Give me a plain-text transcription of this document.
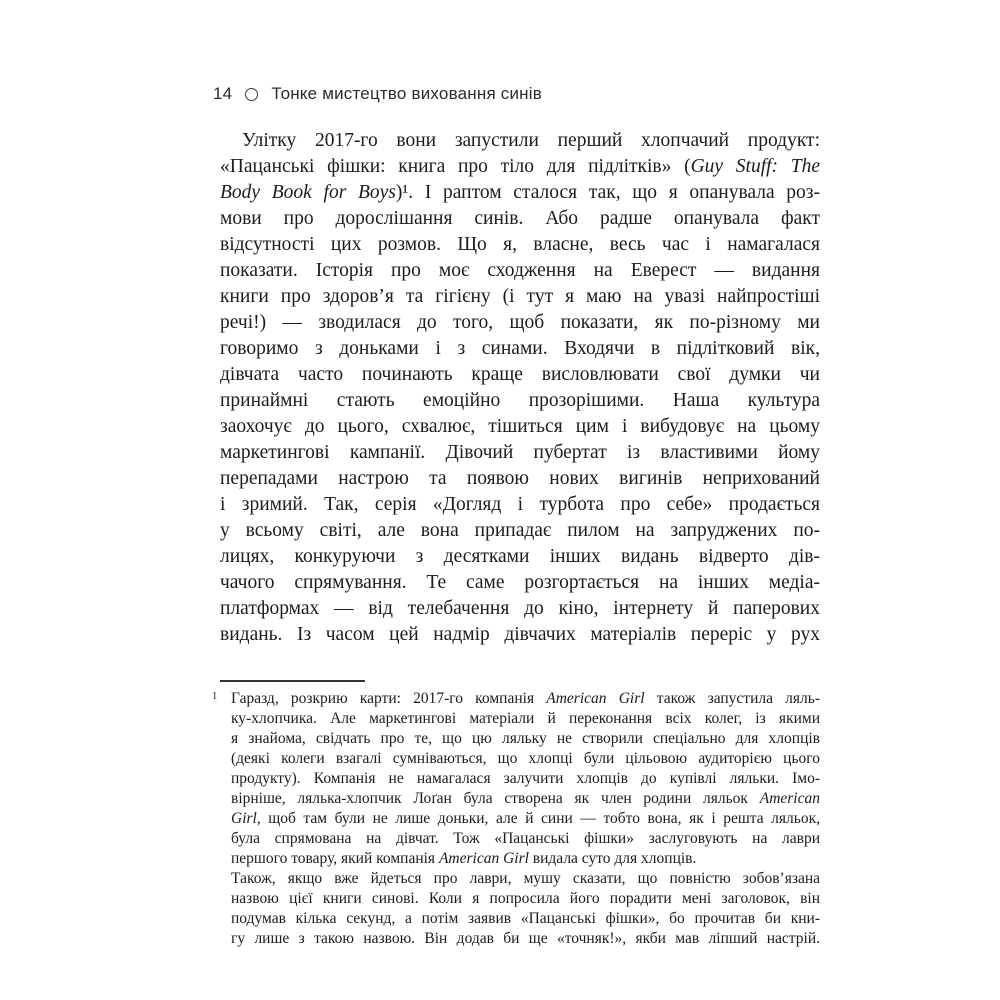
14 Тонке мистецтво виховання синів
Улітку 2017-го вони запустили перший хлопчачий продукт:
«Пацанські фішки: книга про тіло для підлітків» (Guy Stuff: The
Body Book for Boys)¹. І раптом сталося так, що я опанувала роз-
мови про дорослішання синів. Або радше опанувала факт
відсутності цих розмов. Що я, власне, весь час і намагалася
показати. Історія про моє сходження на Еверест — видання
книги про здоров’я та гігієну (і тут я маю на увазі найпростіші
речі!) — зводилася до того, щоб показати, як по-різному ми
говоримо з доньками і з синами. Входячи в підлітковий вік,
дівчата часто починають краще висловлювати свої думки чи
принаймні стають емоційно прозорішими. Наша культура
заохочує до цього, схвалює, тішиться цим і вибудовує на цьому
маркетингові кампанії. Дівочий пубертат із властивими йому
перепадами настрою та появою нових вигинів неприхований
і зримий. Так, серія «Догляд і турбота про себе» продається
у всьому світі, але вона припадає пилом на запруджених по-
лицях, конкуруючи з десятками інших видань відверто дів-
чачого спрямування. Те саме розгортається на інших медіа-
платформах — від телебачення до кіно, інтернету й паперових
видань. Із часом цей надмір дівчачих матеріалів переріс у рух
1 Гаразд, розкрию карти: 2017-го компанія American Girl також запустила ляль-
ку-хлопчика. Але маркетингові матеріали й переконання всіх колег, із якими
я знайома, свідчать про те, що цю ляльку не створили спеціально для хлопців
(деякі колеги взагалі сумніваються, що хлопці були цільовою аудиторією цього
продукту). Компанія не намагалася залучити хлопців до купівлі ляльки. Імо-
вірніше, лялька-хлопчик Лоґан була створена як член родини ляльок American
Girl, щоб там були не лише доньки, але й сини — тобто вона, як і решта ляльок,
була спрямована на дівчат. Тож «Пацанські фішки» заслуговують на лаври
першого товару, який компанія American Girl видала суто для хлопців.
Також, якщо вже йдеться про лаври, мушу сказати, що повністю зобов’язана
назвою цієї книги синові. Коли я попросила його порадити мені заголовок, він
подумав кілька секунд, а потім заявив «Пацанські фішки», бо прочитав би кни-
гу лише з такою назвою. Він додав би ще «точняк!», якби мав ліпший настрій.
